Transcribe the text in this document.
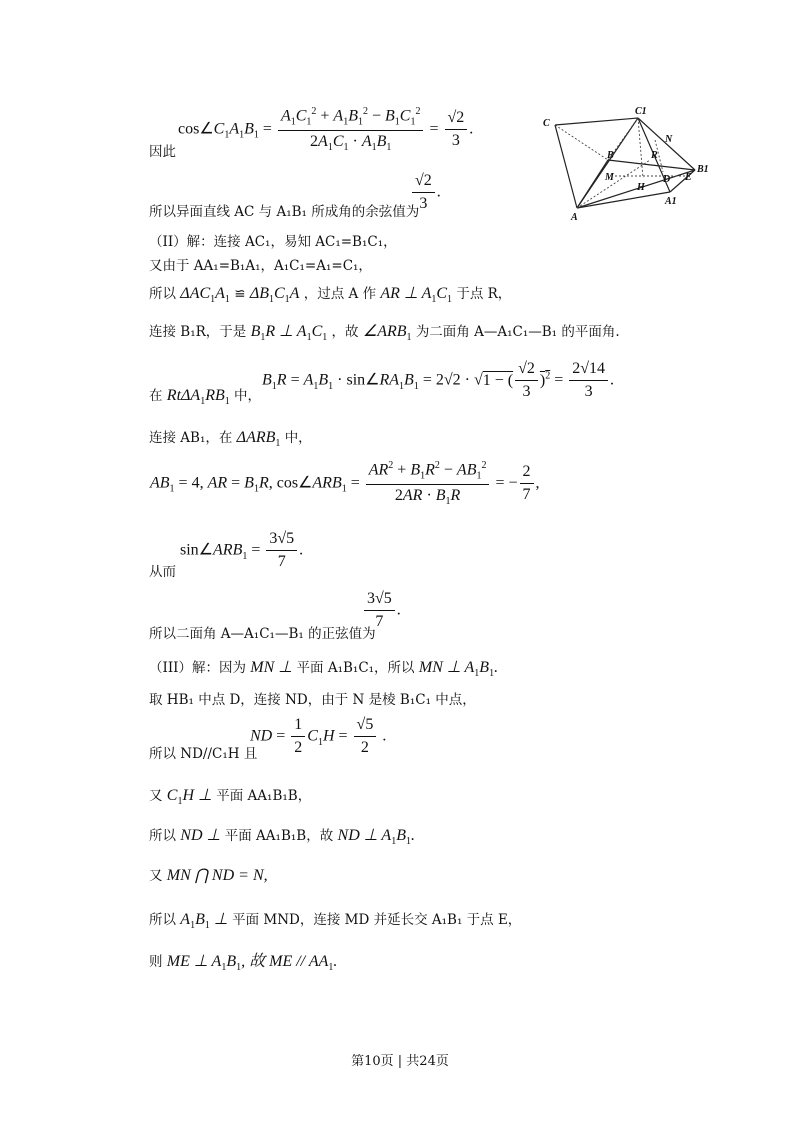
$\cos\angle C_1A_1B_1 = \frac{A_1C_1^2 + A_1B_1^2 - B_1C_1^2}{2A_1C_1 \cdot A_1B_1} = \frac{√2}{3}$ .
因此
所以异面直线 AC 与 A₁B₁ 所成角的余弦值为
$\frac{√2}{3}$ .
（II）解：连接 AC₁，易知 AC₁=B₁C₁，
又由于 AA₁=B₁A₁，A₁C₁=A₁=C₁，
所以 $\Delta AC_1A_1$ ≌ $\Delta B_1C_1A$ ，过点 A 作 AR ⊥ $A_1C_1$ 于点 R，
连接 B₁R，于是 $B_1R$ ⊥ $A_1C_1$ ，故 $\angle ARB_1$ 为二面角 A—A₁C₁—B₁ 的平面角.
在 $Rt\Delta A_1RB_1$ 中，
$B_1R = A_1B_1$ · $\sin\angle RA_1B_1 = 2√2 \cdot √1$ − ( $\frac{√2}{3} )^2 = \frac{2√14}{3}$ .
连接 AB₁，在 $\Delta ARB_1$ 中，
$AB_1 = 4$, AR = $B_1R$, $\cos\angle ARB_1 = \frac{AR^2 + B_1R^2 - AB_1^2}{2AR \cdot B_1R}$ = − $\frac{2}{7}$ ,
从而
$\sin\angle ARB_1 = \frac{3√5}{7}$ .
所以二面角 A—A₁C₁—B₁ 的正弦值为
$\frac{3√5}{7}$ .
（III）解：因为 MN ⊥ 平面 A₁B₁C₁，所以 MN ⊥ $A_1B_1$.
取 HB₁ 中点 D，连接 ND，由于 N 是棱 B₁C₁ 中点，
所以 ND//C₁H 且
ND = $\frac{1}{2} C_1H = \frac{√5}{2}$ .
又 $C_1H$ ⊥ 平面 AA₁B₁B，
所以 ND ⊥ 平面 AA₁B₁B，故 ND ⊥ $A_1B_1$.
又 MN ⋂ ND = N,
所以 $A_1B_1$ ⊥ 平面 MND，连接 MD 并延长交 A₁B₁ 于点 E，
则 ME ⊥ $A_1B_1$, 故 ME // $AA_1$.
C
C1
N
B
B1
R
M
H
D E
A
A1
第10页 | 共24页
